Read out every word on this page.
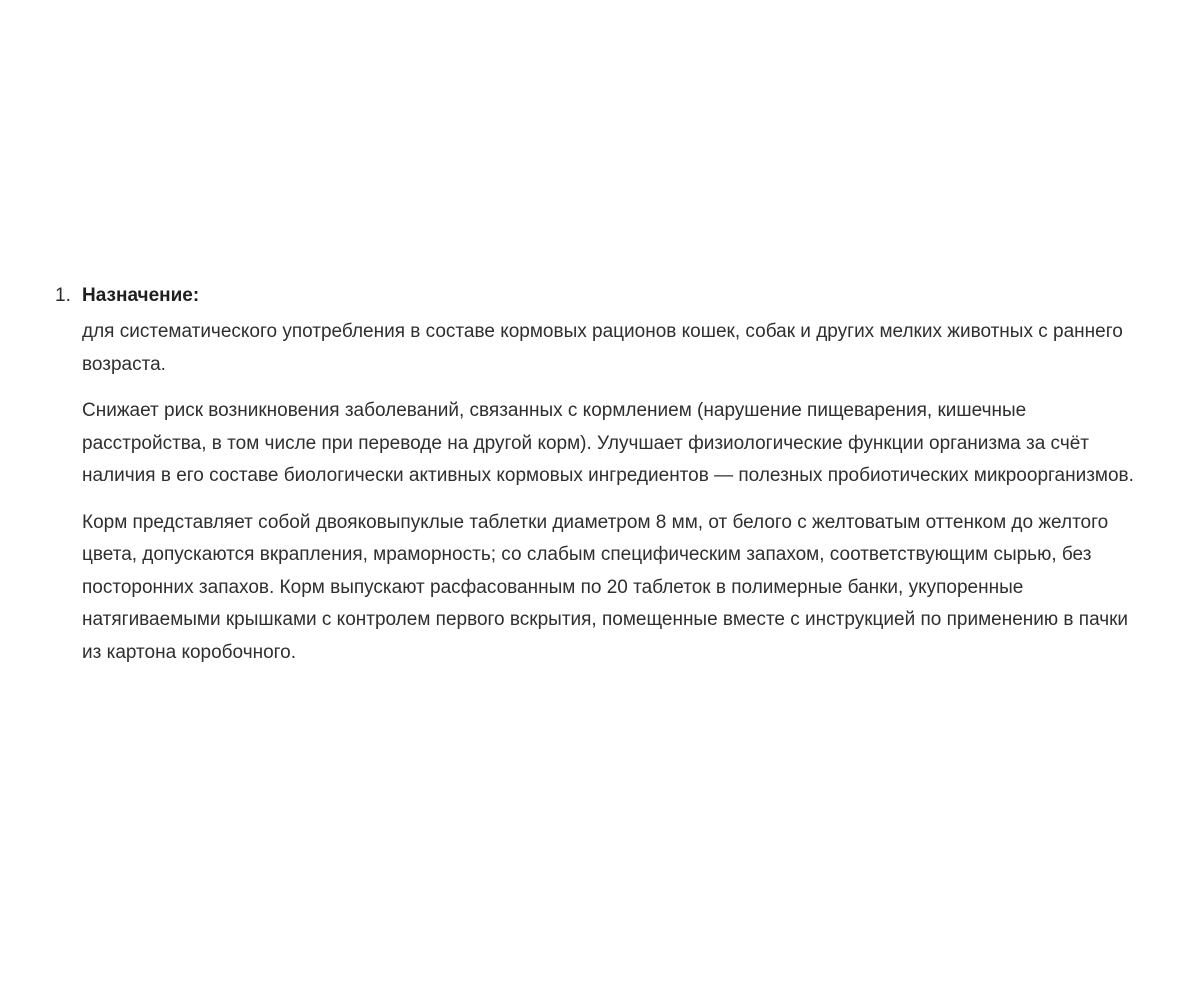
1. Назначение:

для систематического употребления в составе кормовых рационов кошек, собак и других мелких животных с раннего возраста.

Снижает риск возникновения заболеваний, связанных с кормлением (нарушение пищеварения, кишечные расстройства, в том числе при переводе на другой корм). Улучшает физиологические функции организма за счёт наличия в его составе биологически активных кормовых ингредиентов — полезных пробиотических микроорганизмов.

Корм представляет собой двояковыпуклые таблетки диаметром 8 мм, от белого с желтоватым оттенком до желтого цвета, допускаются вкрапления, мраморность; со слабым специфическим запахом, соответствующим сырью, без посторонних запахов. Корм выпускают расфасованным по 20 таблеток в полимерные банки, укупоренные натягиваемыми крышками с контролем первого вскрытия, помещенные вместе с инструкцией по применению в пачки из картона коробочного.
